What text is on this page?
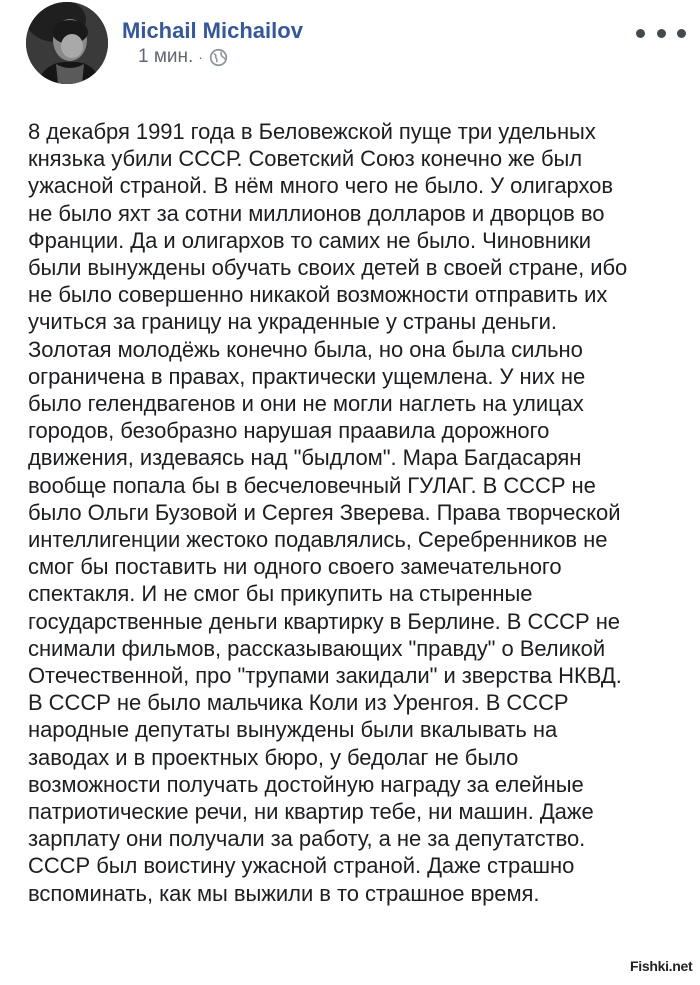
Michail Michailov
1 мин. ·
8 декабря 1991 года в Беловежской пуще три удельных
князька убили СССР. Советский Союз конечно же был
ужасной страной. В нём много чего не было. У олигархов
не было яхт за сотни миллионов долларов и дворцов во
Франции. Да и олигархов то самих не было. Чиновники
были вынуждены обучать своих детей в своей стране, ибо
не было совершенно никакой возможности отправить их
учиться за границу на украденные у страны деньги.
Золотая молодёжь конечно была, но она была сильно
ограничена в правах, практически ущемлена. У них не
было гелендвагенов и они не могли наглеть на улицах
городов, безобразно нарушая праавила дорожного
движения, издеваясь над "быдлом". Мара Багдасарян
вообще попала бы в бесчеловечный ГУЛАГ. В СССР не
было Ольги Бузовой и Сергея Зверева. Права творческой
интеллигенции жестоко подавлялись, Серебренников не
смог бы поставить ни одного своего замечательного
спектакля. И не смог бы прикупить на стыренные
государственные деньги квартирку в Берлине. В СССР не
снимали фильмов, рассказывающих "правду" о Великой
Отечественной, про "трупами закидали" и зверства НКВД.
В СССР не было мальчика Коли из Уренгоя. В СССР
народные депутаты вынуждены были вкалывать на
заводах и в проектных бюро, у бедолаг не было
возможности получать достойную награду за елейные
патриотические речи, ни квартир тебе, ни машин. Даже
зарплату они получали за работу, а не за депутатство.
СССР был воистину ужасной страной. Даже страшно
вспоминать, как мы выжили в то страшное время.
Fishki.net
